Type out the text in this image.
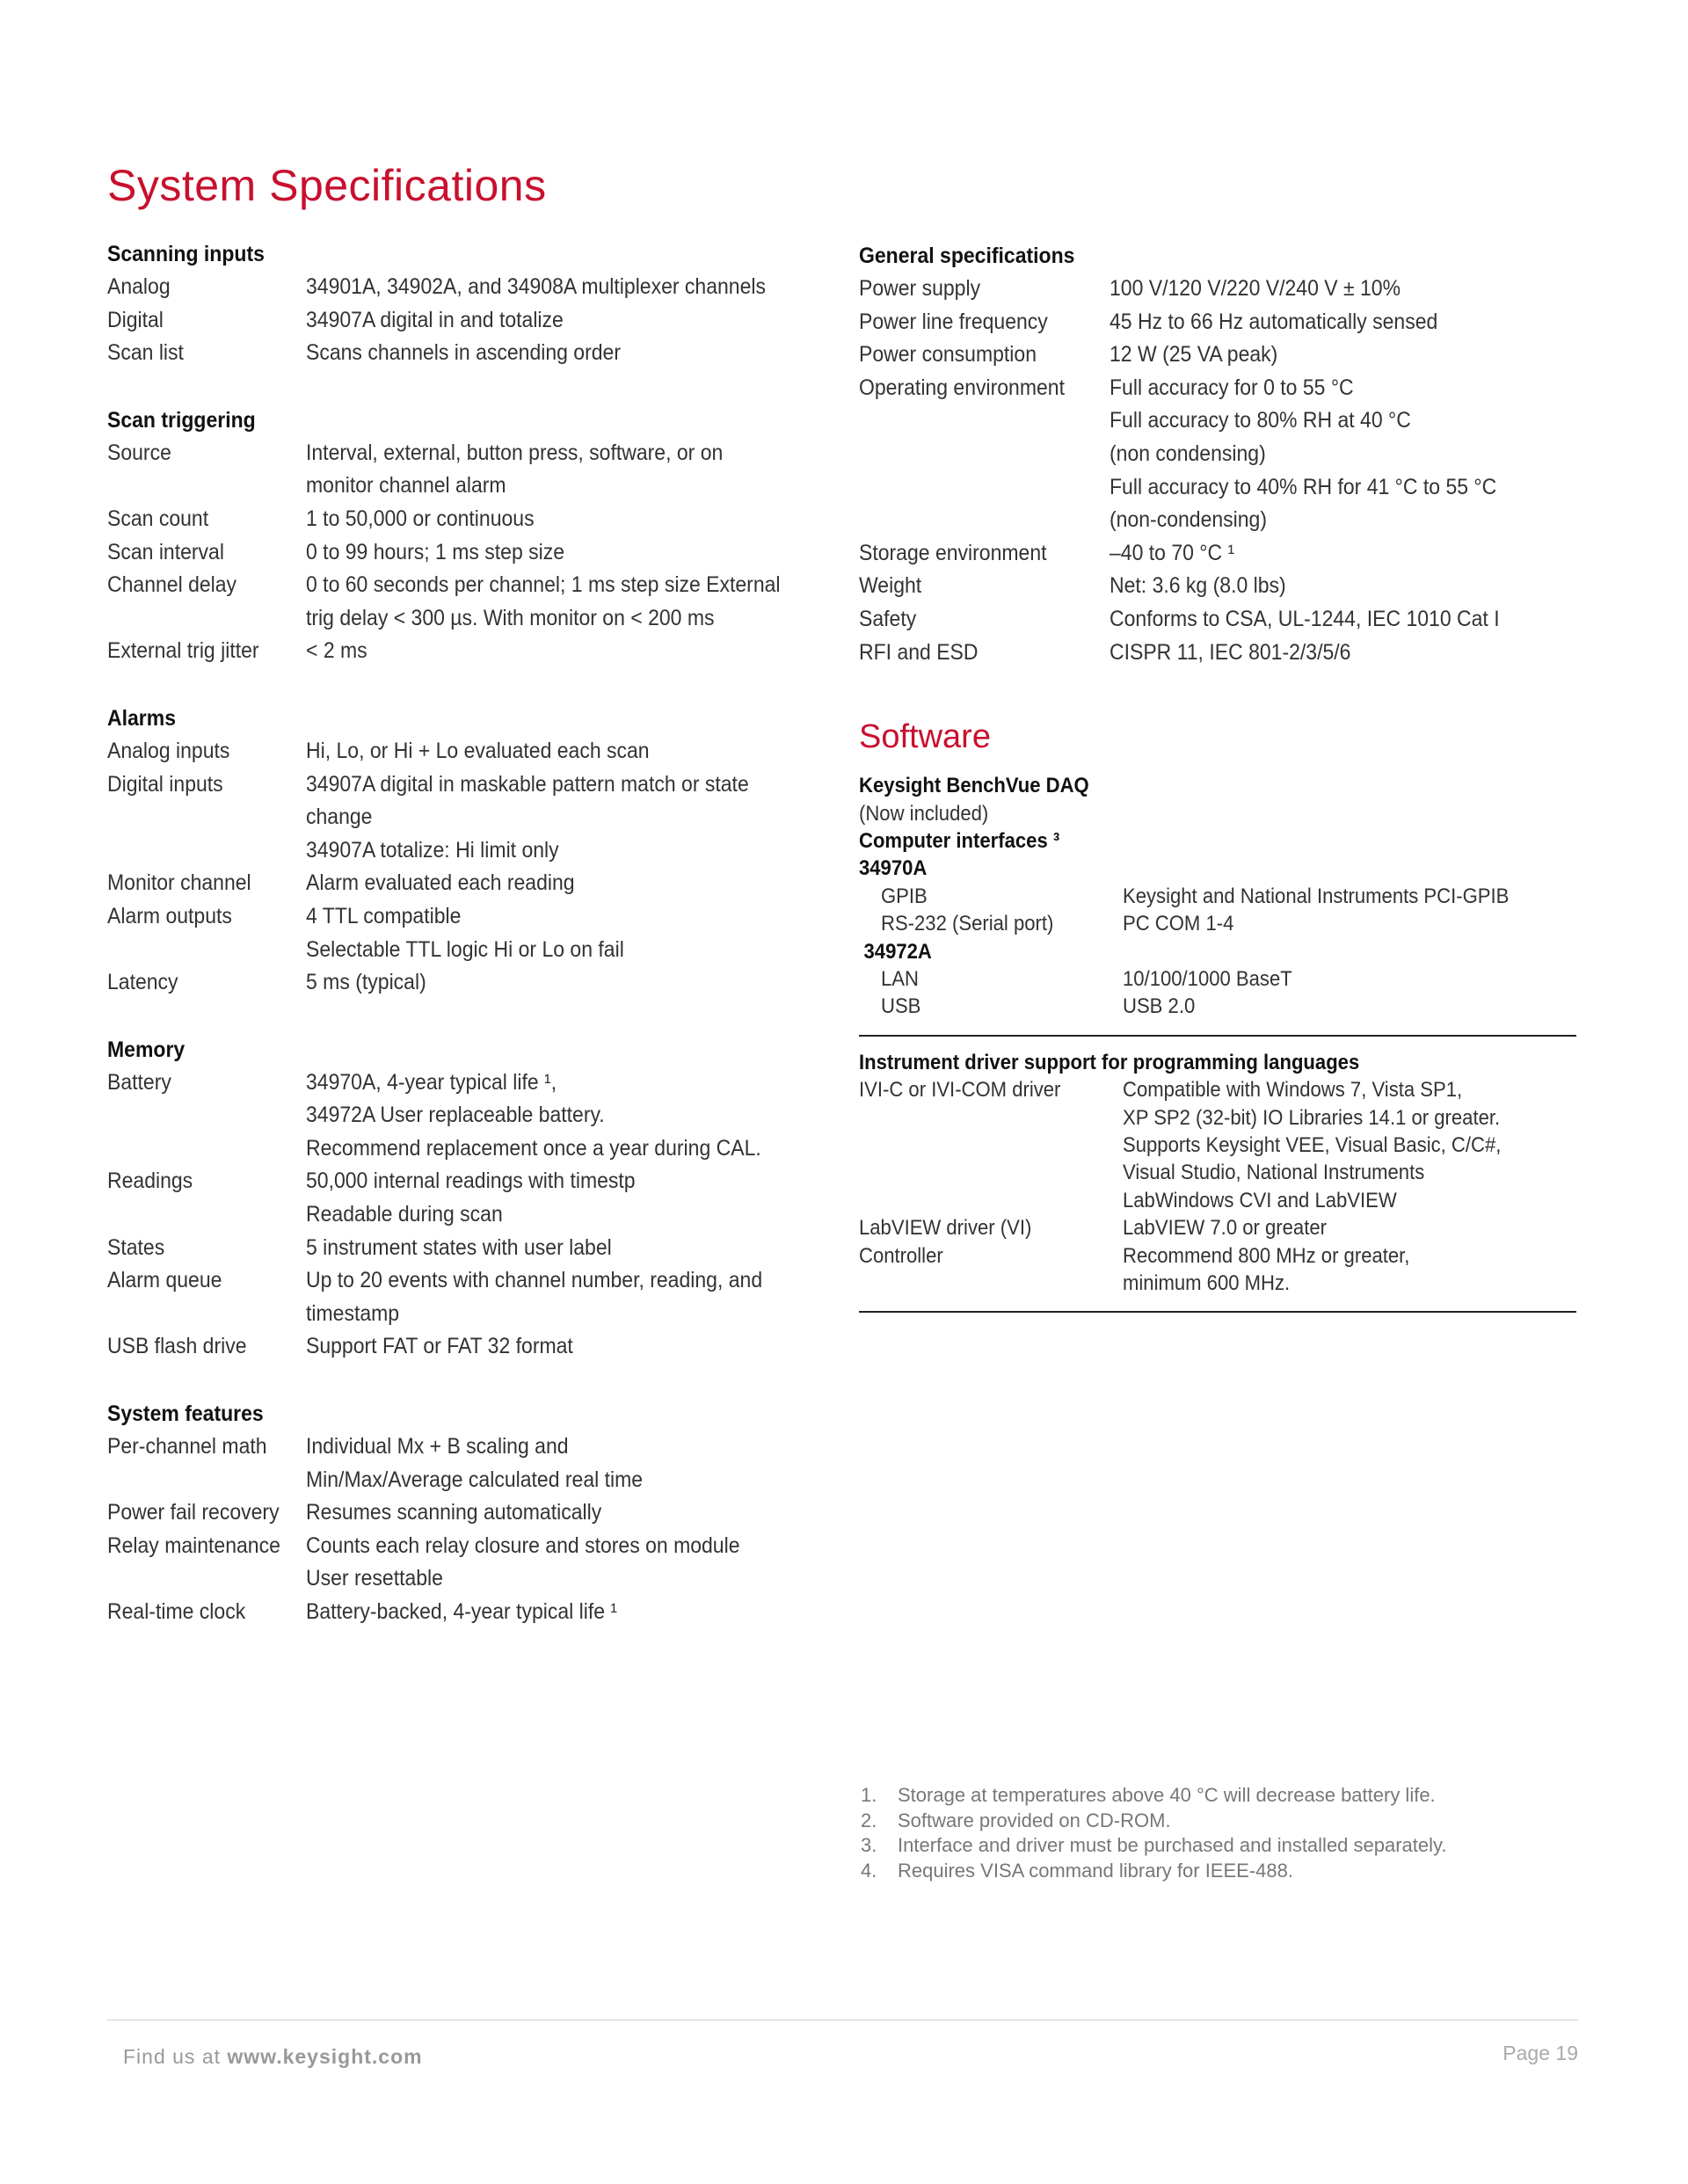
System Specifications
Scanning inputs
Analog	34901A, 34902A, and 34908A multiplexer channels
Digital	34907A digital in and totalize
Scan list	Scans channels in ascending order
Scan triggering
Source	Interval, external, button press, software, or on
monitor channel alarm
Scan count	1 to 50,000 or continuous
Scan interval	0 to 99 hours; 1 ms step size
Channel delay	0 to 60 seconds per channel; 1 ms step size External
trig delay < 300 µs. With monitor on < 200 ms
External trig jitter	< 2 ms
Alarms
Analog inputs	Hi, Lo, or Hi + Lo evaluated each scan
Digital inputs	34907A digital in maskable pattern match or state
change
34907A totalize: Hi limit only
Monitor channel	Alarm evaluated each reading
Alarm outputs	4 TTL compatible
Selectable TTL logic Hi or Lo on fail
Latency	5 ms (typical)
Memory
Battery	34970A, 4-year typical life ¹,
34972A User replaceable battery.
Recommend replacement once a year during CAL.
Readings	50,000 internal readings with timestp
Readable during scan
States	5 instrument states with user label
Alarm queue	Up to 20 events with channel number, reading, and
timestamp
USB flash drive	Support FAT or FAT 32 format
System features
Per-channel math	Individual Mx + B scaling and
Min/Max/Average calculated real time
Power fail recovery	Resumes scanning automatically
Relay maintenance	Counts each relay closure and stores on module
User resettable
Real-time clock	Battery-backed, 4-year typical life ¹
General specifications
Power supply	100 V/120 V/220 V/240 V ± 10%
Power line frequency	45 Hz to 66 Hz automatically sensed
Power consumption	12 W (25 VA peak)
Operating environment	Full accuracy for 0 to 55 °C
Full accuracy to 80% RH at 40 °C
(non condensing)
Full accuracy to 40% RH for 41 °C to 55 °C
(non-condensing)
Storage environment	–40 to 70 °C ¹
Weight	Net: 3.6 kg (8.0 lbs)
Safety	Conforms to CSA, UL-1244, IEC 1010 Cat I
RFI and ESD	CISPR 11, IEC 801-2/3/5/6
Software
Keysight BenchVue DAQ
(Now included)
Computer interfaces ³
34970A
GPIB	Keysight and National Instruments PCI-GPIB
RS-232 (Serial port)	PC COM 1-4
34972A
LAN	10/100/1000 BaseT
USB	USB 2.0
Instrument driver support for programming languages
IVI-C or IVI-COM driver	Compatible with Windows 7, Vista SP1,
XP SP2 (32-bit) IO Libraries 14.1 or greater.
Supports Keysight VEE, Visual Basic, C/C#,
Visual Studio, National Instruments
LabWindows CVI and LabVIEW
LabVIEW driver (VI)	LabVIEW 7.0 or greater
Controller	Recommend 800 MHz or greater,
minimum 600 MHz.
1.	Storage at temperatures above 40 °C will decrease battery life.
2.	Software provided on CD-ROM.
3.	Interface and driver must be purchased and installed separately.
4.	Requires VISA command library for IEEE-488.
Find us at www.keysight.com	Page 19
